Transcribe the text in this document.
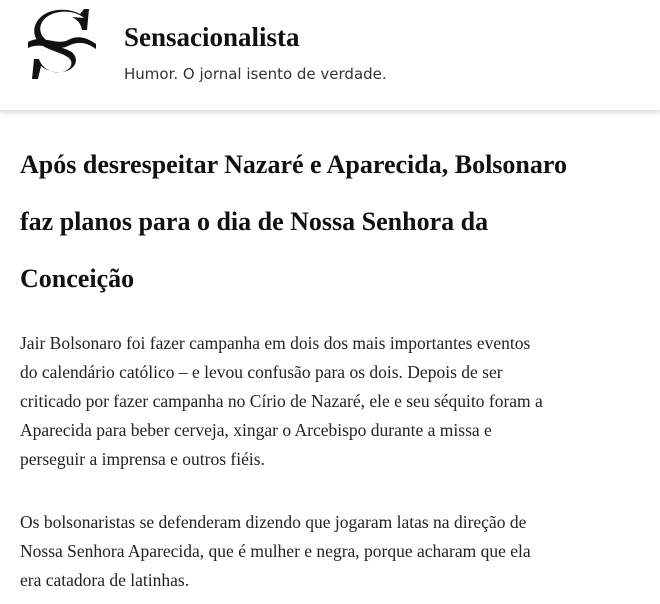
Sensacionalista

Humor. O jornal isento de verdade.

Após desrespeitar Nazaré e Aparecida, Bolsonaro
faz planos para o dia de Nossa Senhora da
Conceição

Jair Bolsonaro foi fazer campanha em dois dos mais importantes eventos
do calendário católico – e levou confusão para os dois. Depois de ser
criticado por fazer campanha no Círio de Nazaré, ele e seu séquito foram a
Aparecida para beber cerveja, xingar o Arcebispo durante a missa e
perseguir a imprensa e outros fiéis.

Os bolsonaristas se defenderam dizendo que jogaram latas na direção de
Nossa Senhora Aparecida, que é mulher e negra, porque acharam que ela
era catadora de latinhas.
